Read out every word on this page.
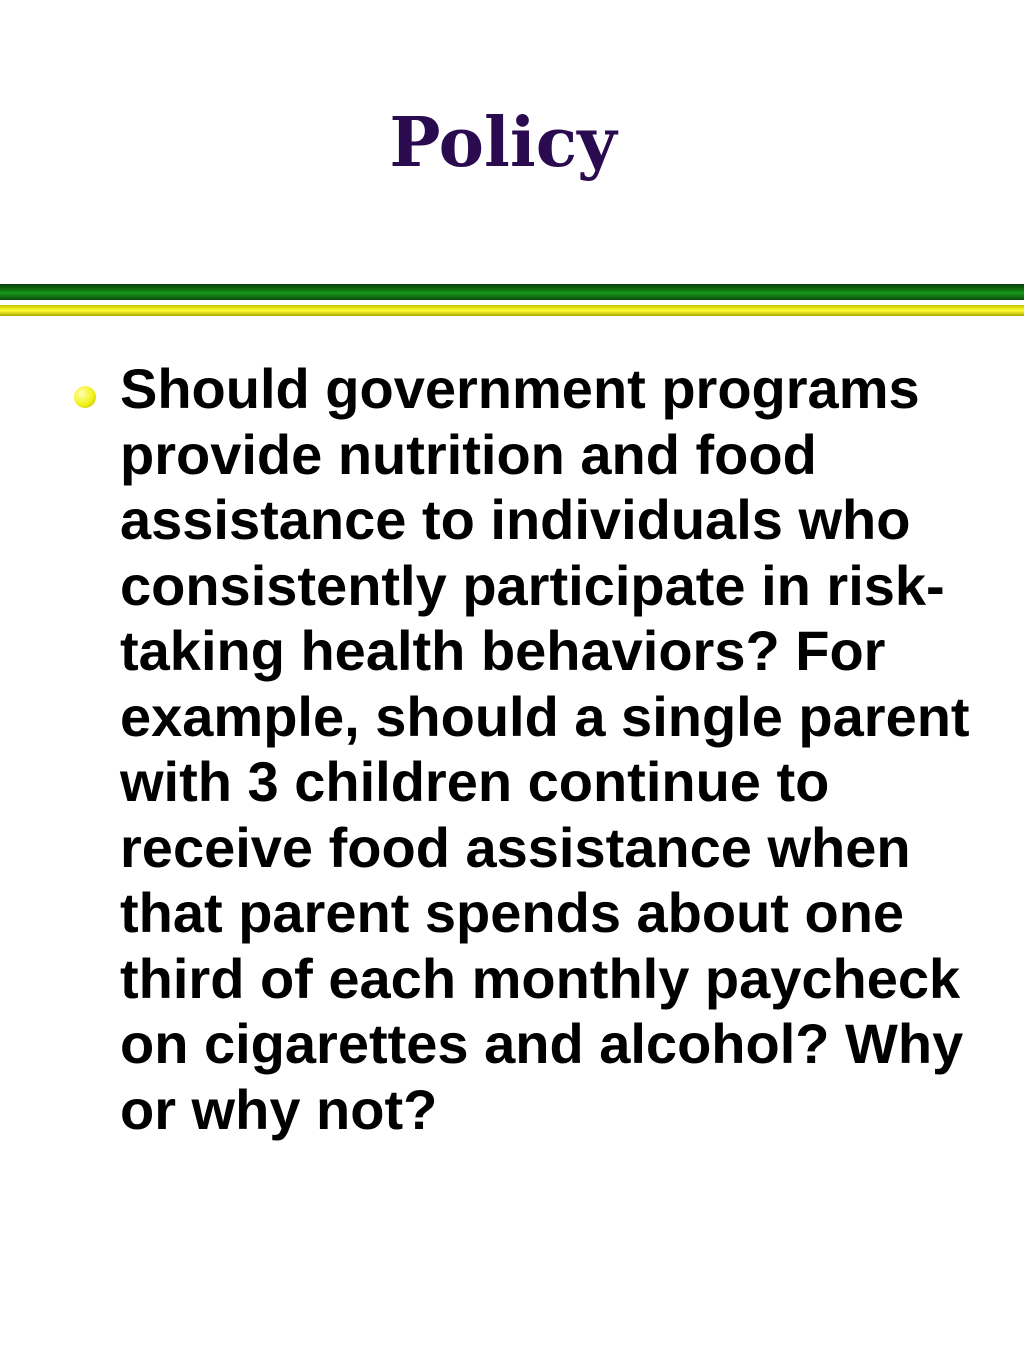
Policy

Should government programs provide nutrition and food assistance to individuals who consistently participate in risk-taking health behaviors? For example, should a single parent with 3 children continue to receive food assistance when that parent spends about one third of each monthly paycheck on cigarettes and alcohol? Why or why not?
